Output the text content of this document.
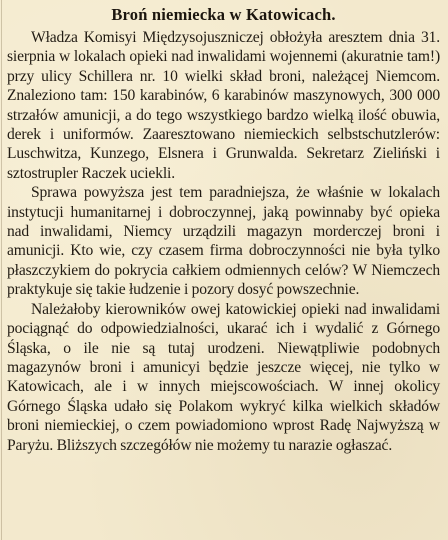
Broń niemiecka w Katowicach.

Władza Komisyi Międzysojuszniczej obłożyła aresztem dnia 31. sierpnia w lokalach opieki nad inwalidami wojennemi (akuratnie tam!) przy ulicy Schillera nr. 10 wielki skład broni, należącej Niemcom. Znaleziono tam: 150 karabinów, 6 karabinów maszynowych, 300 000 strzałów amunicji, a do tego wszystkiego bardzo wielką ilość obuwia, derek i uniformów. Zaaresztowano niemieckich selbstschutzlerów: Luschwitza, Kunzego, Elsnera i Grunwalda. Sekretarz Zieliński i sztostrupler Raczek uciekli.

Sprawa powyższa jest tem paradniejsza, że właśnie w lokalach instytucji humanitarnej i dobroczynnej, jaką powinnaby być opieka nad inwalidami, Niemcy urządzili magazyn morderczej broni i amunicji. Kto wie, czy czasem firma dobroczynności nie była tylko płaszczykiem do pokrycia całkiem odmiennych celów? W Niemczech praktykuje się takie łudzenie i pozory dosyć powszechnie.

Należałoby kierowników owej katowickiej opieki nad inwalidami pociągnąć do odpowiedzialności, ukarać ich i wydalić z Górnego Śląska, o ile nie są tutaj urodzeni. Niewątpliwie podobnych magazynów broni i amunicyi będzie jeszcze więcej, nie tylko w Katowicach, ale i w innych miejscowościach. W innej okolicy Górnego Śląska udało się Polakom wykryć kilka wielkich składów broni niemieckiej, o czem powiadomiono wprost Radę Najwyższą w Paryżu. Bliższych szczegółów nie możemy tu narazie ogłaszać.
